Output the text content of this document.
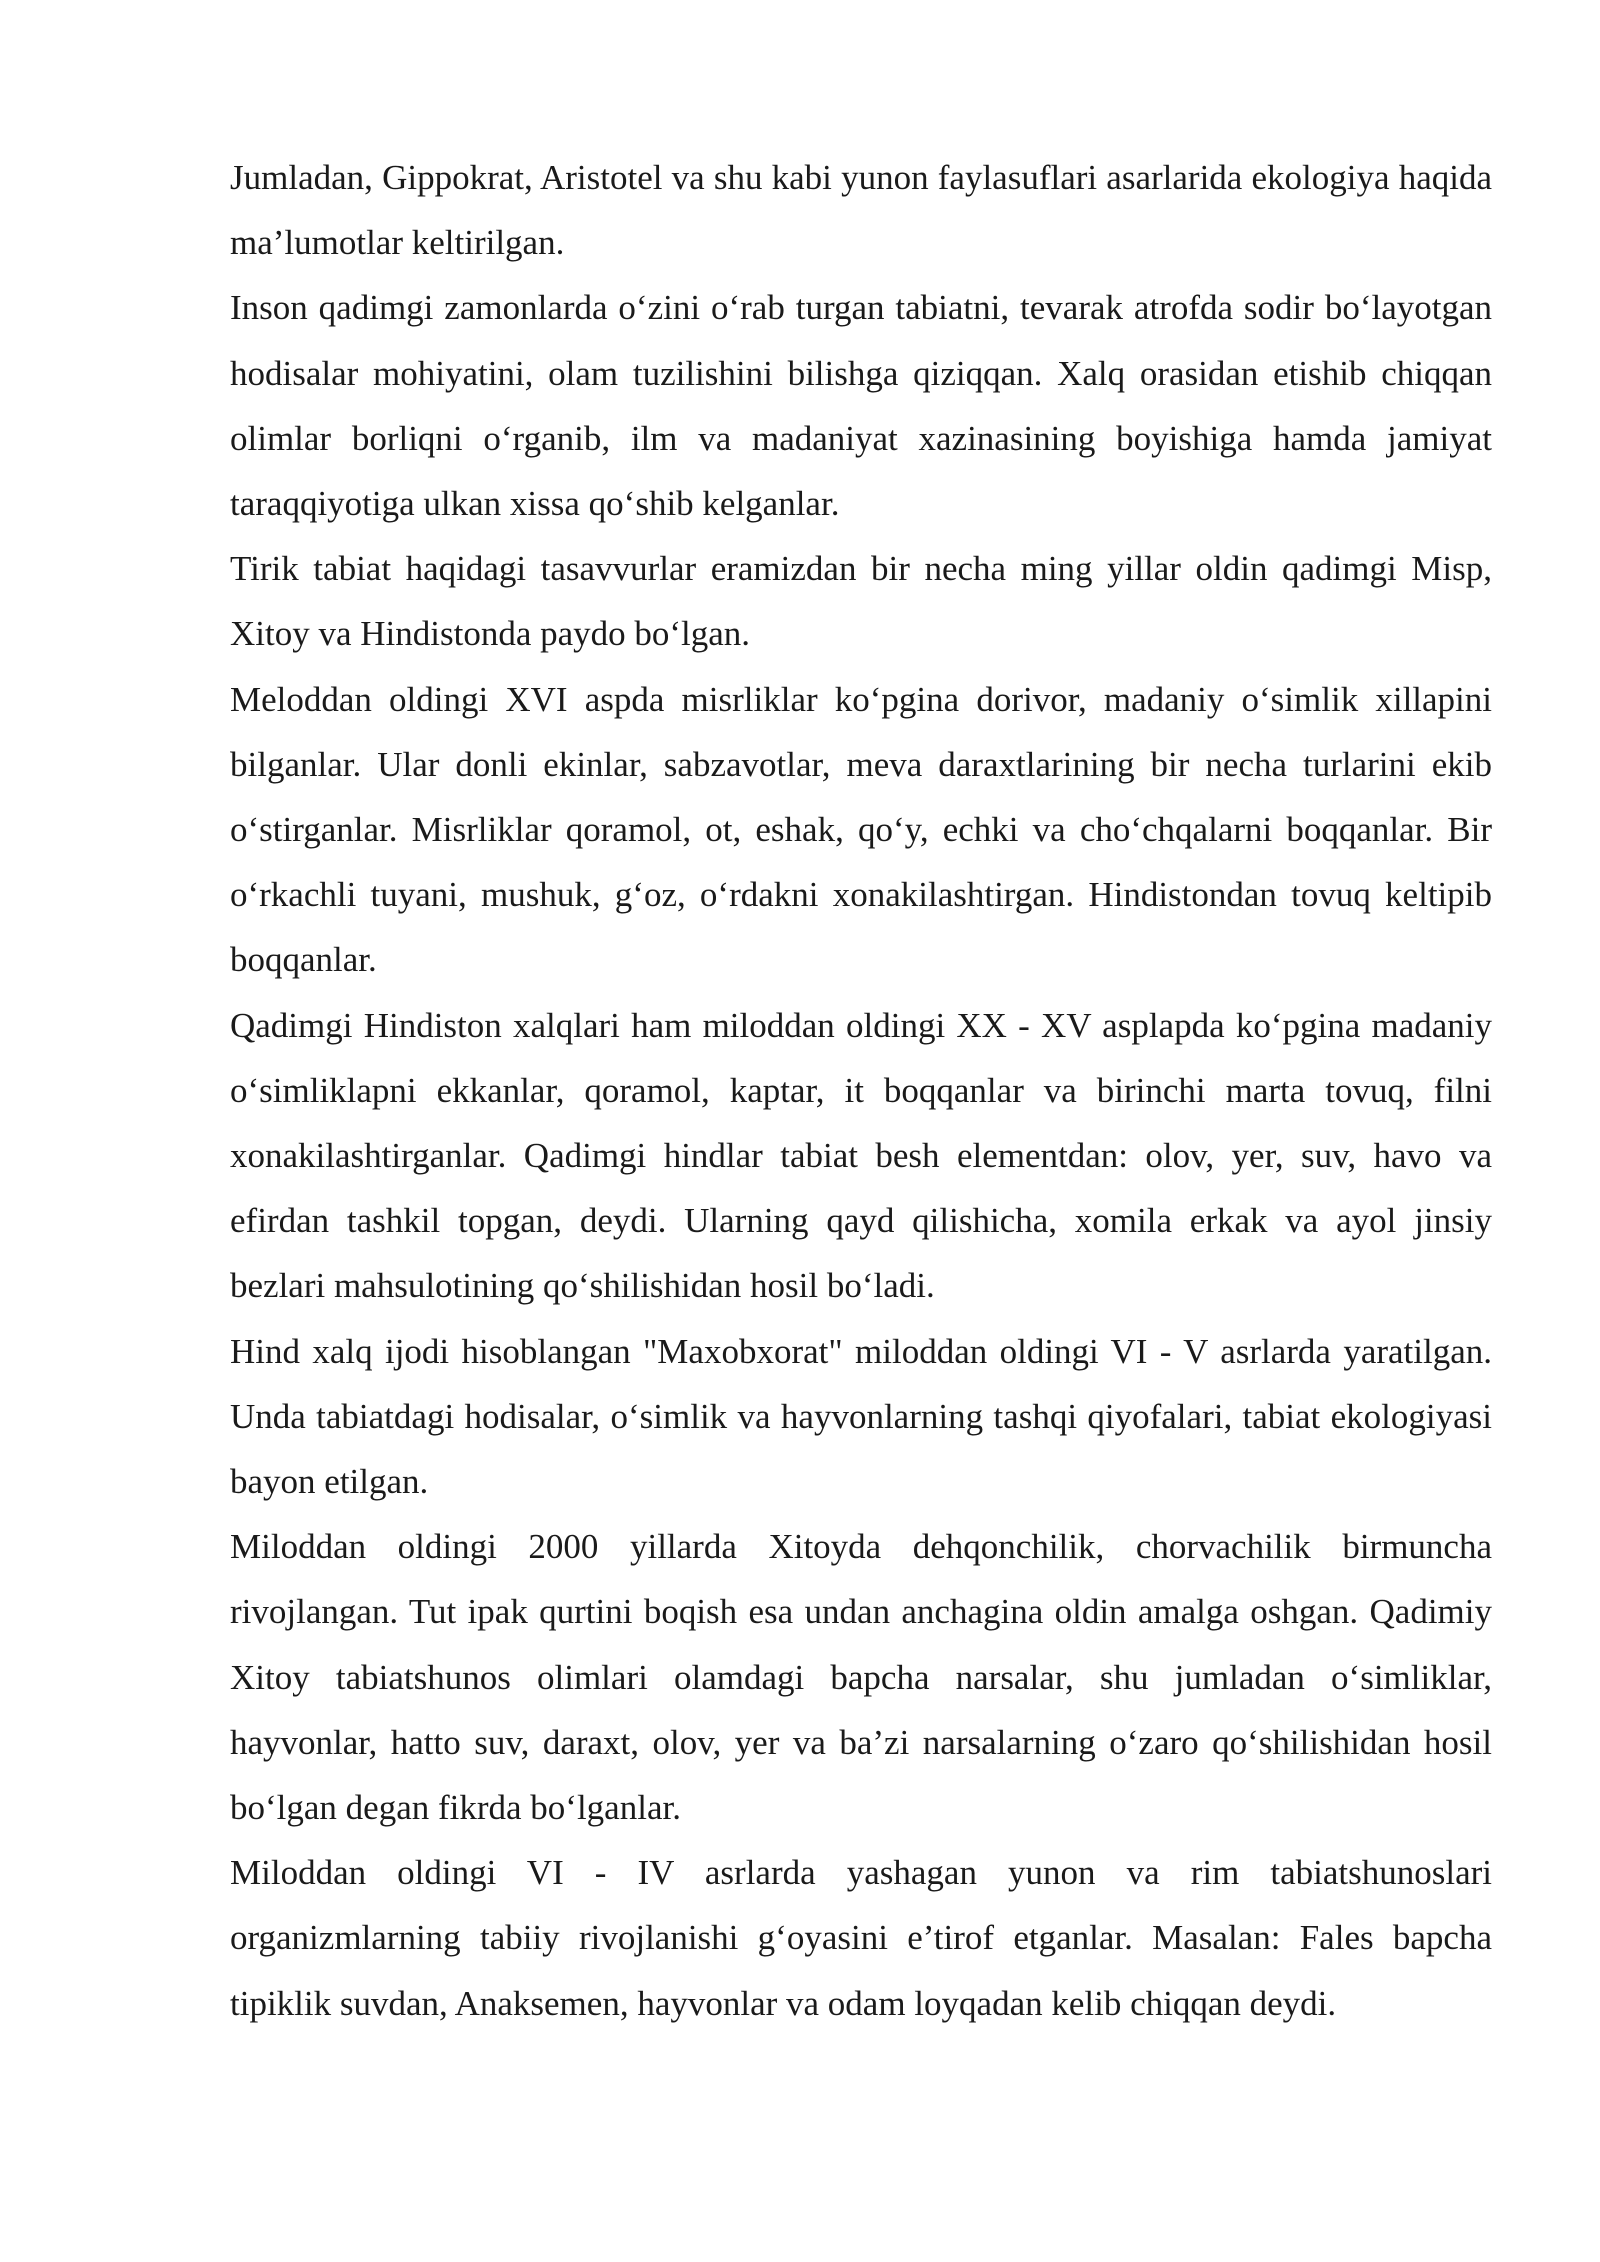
Jumladan, Gippokrat, Aristotel va shu kabi yunon faylasuflari asarlarida ekologiya haqida ma’lumotlar keltirilgan.

Inson qadimgi zamonlarda o‘zini o‘rab turgan tabiatni, tevarak atrofda sodir bo‘layotgan hodisalar mohiyatini, olam tuzilishini bilishga qiziqqan. Xalq orasidan etishib chiqqan olimlar borliqni o‘rganib, ilm va madaniyat xazinasining boyishiga hamda jamiyat taraqqiyotiga ulkan xissa qo‘shib kelganlar.

Tirik tabiat haqidagi tasavvurlar eramizdan bir necha ming yillar oldin qadimgi Misp, Xitoy va Hindistonda paydo bo‘lgan.

Meloddan oldingi XVI aspda misrliklar ko‘pgina dorivor, madaniy o‘simlik xillapini bilganlar. Ular donli ekinlar, sabzavotlar, meva daraxtlarining bir necha turlarini ekib o‘stirganlar. Misrliklar qoramol, ot, eshak, qo‘y, echki va cho‘chqalarni boqqanlar. Bir o‘rkachli tuyani, mushuk, g‘oz, o‘rdakni xonakilashtirgan. Hindistondan tovuq keltipib boqqanlar.

Qadimgi Hindiston xalqlari ham miloddan oldingi XX - XV asplapda ko‘pgina madaniy o‘simliklapni ekkanlar, qoramol, kaptar, it boqqanlar va birinchi marta tovuq, filni xonakilashtirganlar. Qadimgi hindlar tabiat besh elementdan: olov, yer, suv, havo va efirdan tashkil topgan, deydi. Ularning qayd qilishicha, xomila erkak va ayol jinsiy bezlari mahsulotining qo‘shilishidan hosil bo‘ladi.

Hind xalq ijodi hisoblangan "Maxobxorat" miloddan oldingi VI - V asrlarda yaratilgan. Unda tabiatdagi hodisalar, o‘simlik va hayvonlarning tashqi qiyofalari, tabiat ekologiyasi bayon etilgan.

Miloddan oldingi 2000 yillarda Xitoyda dehqonchilik, chorvachilik birmuncha rivojlangan. Tut ipak qurtini boqish esa undan anchagina oldin amalga oshgan. Qadimiy Xitoy tabiatshunos olimlari olamdagi bapcha narsalar, shu jumladan o‘simliklar, hayvonlar, hatto suv, daraxt, olov, yer va ba’zi narsalarning o‘zaro qo‘shilishidan hosil bo‘lgan degan fikrda bo‘lganlar.

Miloddan oldingi VI - IV asrlarda yashagan yunon va rim tabiatshunoslari organizmlarning tabiiy rivojlanishi g‘oyasini e’tirof etganlar. Masalan: Fales bapcha tipiklik suvdan, Anaksemen, hayvonlar va odam loyqadan kelib chiqqan deydi.
